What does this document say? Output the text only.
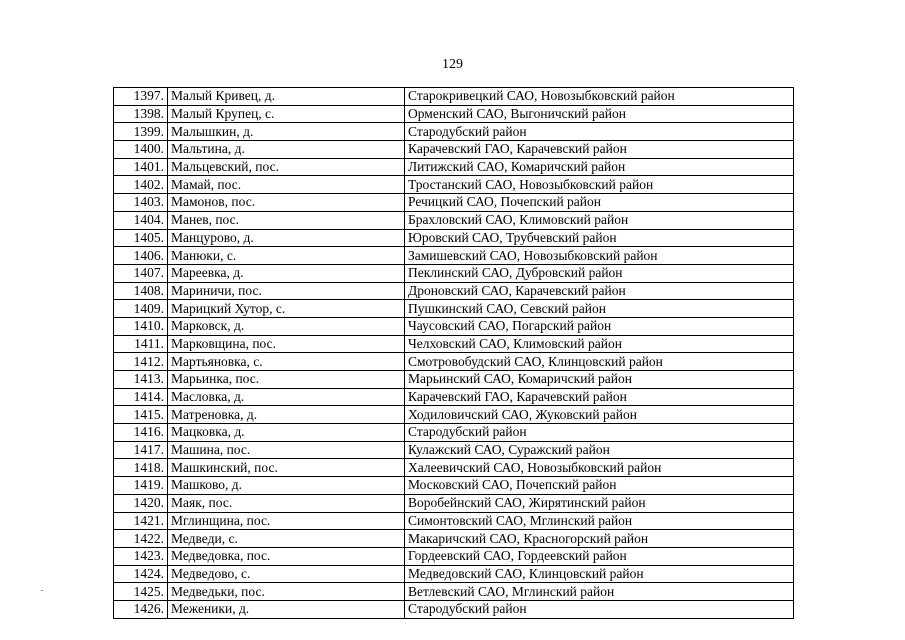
129
1397.	Малый Кривец, д.	Старокривецкий САО, Новозыбковский район
1398.	Малый Крупец, с.	Орменский САО, Выгоничский район
1399.	Малышкин, д.	Стародубский район
1400.	Мальтина, д.	Карачевский ГАО, Карачевский район
1401.	Мальцевский, пос.	Литижский САО, Комаричский район
1402.	Мамай, пос.	Тростанский САО, Новозыбковский район
1403.	Мамонов, пос.	Речицкий САО, Почепский район
1404.	Манев, пос.	Брахловский САО, Климовский район
1405.	Манцурово, д.	Юровский САО, Трубчевский район
1406.	Манюки, с.	Замишевский САО, Новозыбковский район
1407.	Мареевка, д.	Пеклинский САО, Дубровский район
1408.	Мариничи, пос.	Дроновский САО, Карачевский район
1409.	Марицкий Хутор, с.	Пушкинский САО, Севский район
1410.	Марковск, д.	Чаусовский САО, Погарский район
1411.	Марковщина, пос.	Челховский САО, Климовский район
1412.	Мартьяновка, с.	Смотровобудский САО, Клинцовский район
1413.	Марьинка, пос.	Марьинский САО, Комаричский район
1414.	Масловка, д.	Карачевский ГАО, Карачевский район
1415.	Матреновка, д.	Ходиловичский САО, Жуковский район
1416.	Мацковка, д.	Стародубский район
1417.	Машина, пос.	Кулажский САО, Суражский район
1418.	Машкинский, пос.	Халеевичский САО, Новозыбковский район
1419.	Машково, д.	Московский САО, Почепский район
1420.	Маяк, пос.	Воробейнский САО, Жирятинский район
1421.	Мглинщина, пос.	Симонтовский САО, Мглинский район
1422.	Медведи, с.	Макаричский САО, Красногорский район
1423.	Медведовка, пос.	Гордеевский САО, Гордеевский район
1424.	Медведово, с.	Медведовский САО, Клинцовский район
1425.	Медведьки, пос.	Ветлевский САО, Мглинский район
1426.	Меженики, д.	Стародубский район
